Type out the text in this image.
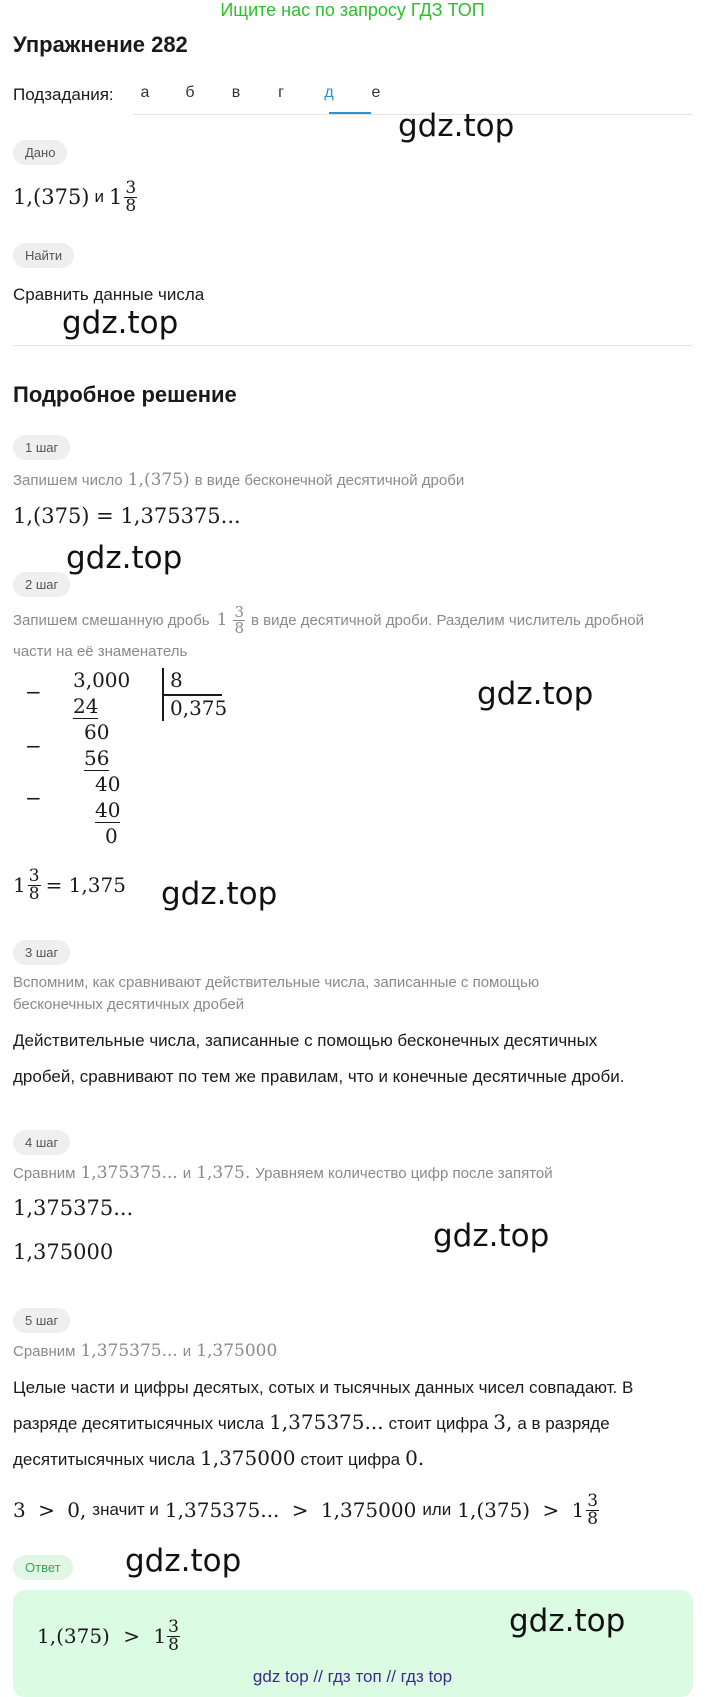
Ищите нас по запросу ГДЗ ТОП
Упражнение 282
Подзадания:	а	б	в	г	д	е
Дано
1,(375) и $1 \frac{3}{8}$
Найти
Сравнить данные числа
Подробное решение
1 шаг
Запишем число 1,(375) в виде бесконечной десятичной дроби
1,(375) = 1,375375...
2 шаг
Запишем смешанную дробь $1 \frac{3}{8}$ в виде десятичной дроби. Разделим числитель дробной
части на её знаменатель
−
−
−
3,000
24
60
56
40
40
0
8
0,375
$1 \frac{3}{8} = 1,375$
3 шаг
Вспомним, как сравнивают действительные числа, записанные с помощью
бесконечных десятичных дробей
Действительные числа, записанные с помощью бесконечных десятичных
дробей, сравнивают по тем же правилам, что и конечные десятичные дроби.
4 шаг
Сравним 1,375375... и 1,375. Уравняем количество цифр после запятой
1,375375...
1,375000
5 шаг
Сравним 1,375375... и 1,375000
Целые части и цифры десятых, сотых и тысячных данных чисел совпадают. В
разряде десятитысячных числа 1,375375... стоит цифра 3, а в разряде
десятитысячных числа 1,375000 стоит цифра 0.
3 > 0, значит и 1,375375... > 1,375000 или $1,(375) > 1 \frac{3}{8}$
Ответ
$1,(375) > 1 \frac{3}{8}$
gdz.top
gdz.top
gdz.top
gdz.top
gdz.top
gdz.top
gdz.top
gdz.top
gdz top // гдз топ // гдз top
